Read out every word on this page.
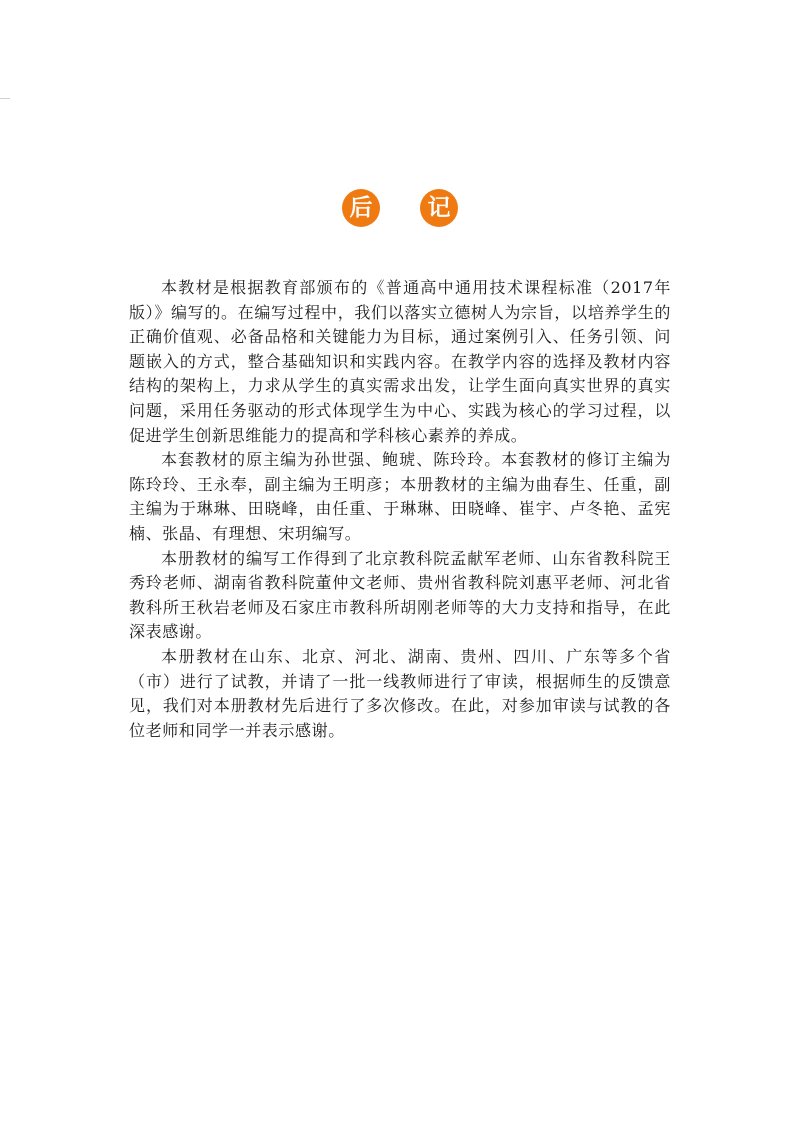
后	记

本教材是根据教育部颁布的《普通高中通用技术课程标准（2017年版）》编写的。在编写过程中，我们以落实立德树人为宗旨，以培养学生的正确价值观、必备品格和关键能力为目标，通过案例引入、任务引领、问题嵌入的方式，整合基础知识和实践内容。在教学内容的选择及教材内容结构的架构上，力求从学生的真实需求出发，让学生面向真实世界的真实问题，采用任务驱动的形式体现学生为中心、实践为核心的学习过程，以促进学生创新思维能力的提高和学科核心素养的养成。

本套教材的原主编为孙世强、鲍琥、陈玲玲。本套教材的修订主编为陈玲玲、王永奉，副主编为王明彦；本册教材的主编为曲春生、任重，副主编为于琳琳、田晓峰，由任重、于琳琳、田晓峰、崔宇、卢冬艳、孟宪楠、张晶、有理想、宋玥编写。

本册教材的编写工作得到了北京教科院孟献军老师、山东省教科院王秀玲老师、湖南省教科院董仲文老师、贵州省教科院刘惠平老师、河北省教科所王秋岩老师及石家庄市教科所胡刚老师等的大力支持和指导，在此深表感谢。

本册教材在山东、北京、河北、湖南、贵州、四川、广东等多个省（市）进行了试教，并请了一批一线教师进行了审读，根据师生的反馈意见，我们对本册教材先后进行了多次修改。在此，对参加审读与试教的各位老师和同学一并表示感谢。
